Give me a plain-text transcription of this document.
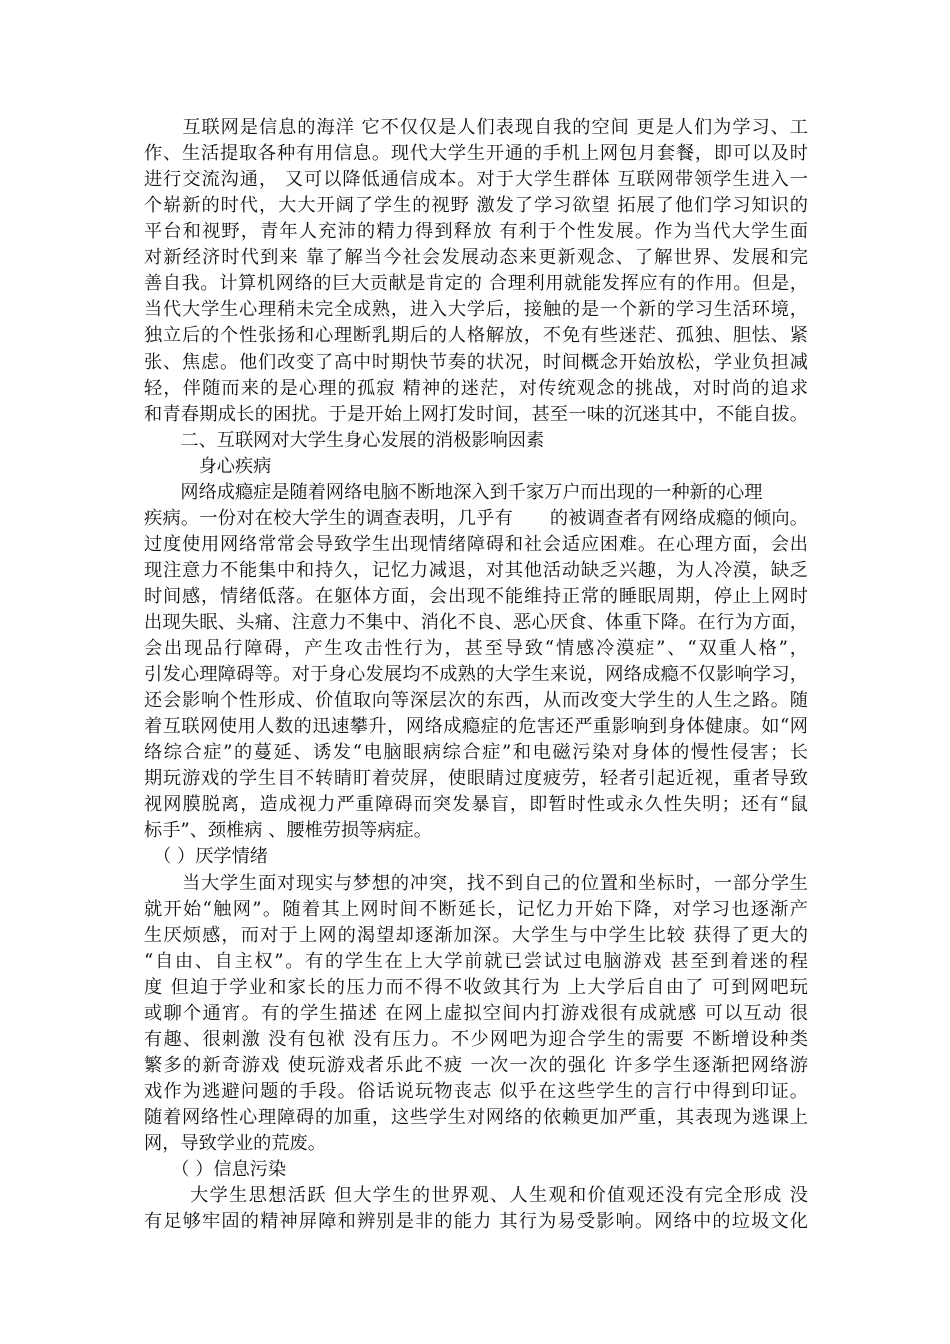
　　互联网是信息的海洋 它不仅仅是人们表现自我的空间 更是人们为学习、工
作、生活提取各种有用信息。现代大学生开通的手机上网包月套餐，即可以及时
进行交流沟通， 又可以降低通信成本。对于大学生群体 互联网带领学生进入一
个崭新的时代，大大开阔了学生的视野 激发了学习欲望 拓展了他们学习知识的
平台和视野，青年人充沛的精力得到释放 有利于个性发展。作为当代大学生面
对新经济时代到来 靠了解当今社会发展动态来更新观念、了解世界、发展和完
善自我。计算机网络的巨大贡献是肯定的 合理利用就能发挥应有的作用。但是，
当代大学生心理稍未完全成熟，进入大学后，接触的是一个新的学习生活环境，
独立后的个性张扬和心理断乳期后的人格解放，不免有些迷茫、孤独、胆怯、紧
张、焦虑。他们改变了高中时期快节奏的状况，时间概念开始放松，学业负担减
轻，伴随而来的是心理的孤寂 精神的迷茫，对传统观念的挑战，对时尚的追求
和青春期成长的困扰。于是开始上网打发时间，甚至一味的沉迷其中，不能自拔。
　　二、互联网对大学生身心发展的消极影响因素
　　　身心疾病
　　网络成瘾症是随着网络电脑不断地深入到千家万户而出现的一种新的心理
疾病。一份对在校大学生的调查表明，几乎有　　的被调查者有网络成瘾的倾向。
过度使用网络常常会导致学生出现情绪障碍和社会适应困难。在心理方面，会出
现注意力不能集中和持久，记忆力减退，对其他活动缺乏兴趣，为人冷漠，缺乏
时间感，情绪低落。在躯体方面，会出现不能维持正常的睡眠周期，停止上网时
出现失眠、头痛、注意力不集中、消化不良、恶心厌食、体重下降。在行为方面，
会出现品行障碍，产生攻击性行为，甚至导致“情感冷漠症”、“双重人格”，
引发心理障碍等。对于身心发展均不成熟的大学生来说，网络成瘾不仅影响学习，
还会影响个性形成、价值取向等深层次的东西，从而改变大学生的人生之路。随
着互联网使用人数的迅速攀升，网络成瘾症的危害还严重影响到身体健康。如“网
络综合症”的蔓延、诱发“电脑眼病综合症”和电磁污染对身体的慢性侵害；长
期玩游戏的学生目不转睛盯着荧屏，使眼睛过度疲劳，轻者引起近视，重者导致
视网膜脱离，造成视力严重障碍而突发暴盲，即暂时性或永久性失明；还有“鼠
标手”、颈椎病 、腰椎劳损等病症。
　（ ）厌学情绪
　　当大学生面对现实与梦想的冲突，找不到自己的位置和坐标时，一部分学生
就开始“触网”。随着其上网时间不断延长，记忆力开始下降，对学习也逐渐产
生厌烦感，而对于上网的渴望却逐渐加深。大学生与中学生比较 获得了更大的
“自由、自主权”。有的学生在上大学前就已尝试过电脑游戏 甚至到着迷的程
度 但迫于学业和家长的压力而不得不收敛其行为 上大学后自由了 可到网吧玩
或聊个通宵。有的学生描述 在网上虚拟空间内打游戏很有成就感 可以互动 很
有趣、很刺激 没有包袱 没有压力。不少网吧为迎合学生的需要 不断增设种类
繁多的新奇游戏 使玩游戏者乐此不疲 一次一次的强化 许多学生逐渐把网络游
戏作为逃避问题的手段。俗话说玩物丧志 似乎在这些学生的言行中得到印证。
随着网络性心理障碍的加重，这些学生对网络的依赖更加严重，其表现为逃课上
网，导致学业的荒废。
　　（ ）信息污染
　　 大学生思想活跃 但大学生的世界观、人生观和价值观还没有完全形成 没
有足够牢固的精神屏障和辨别是非的能力 其行为易受影响。网络中的垃圾文化
